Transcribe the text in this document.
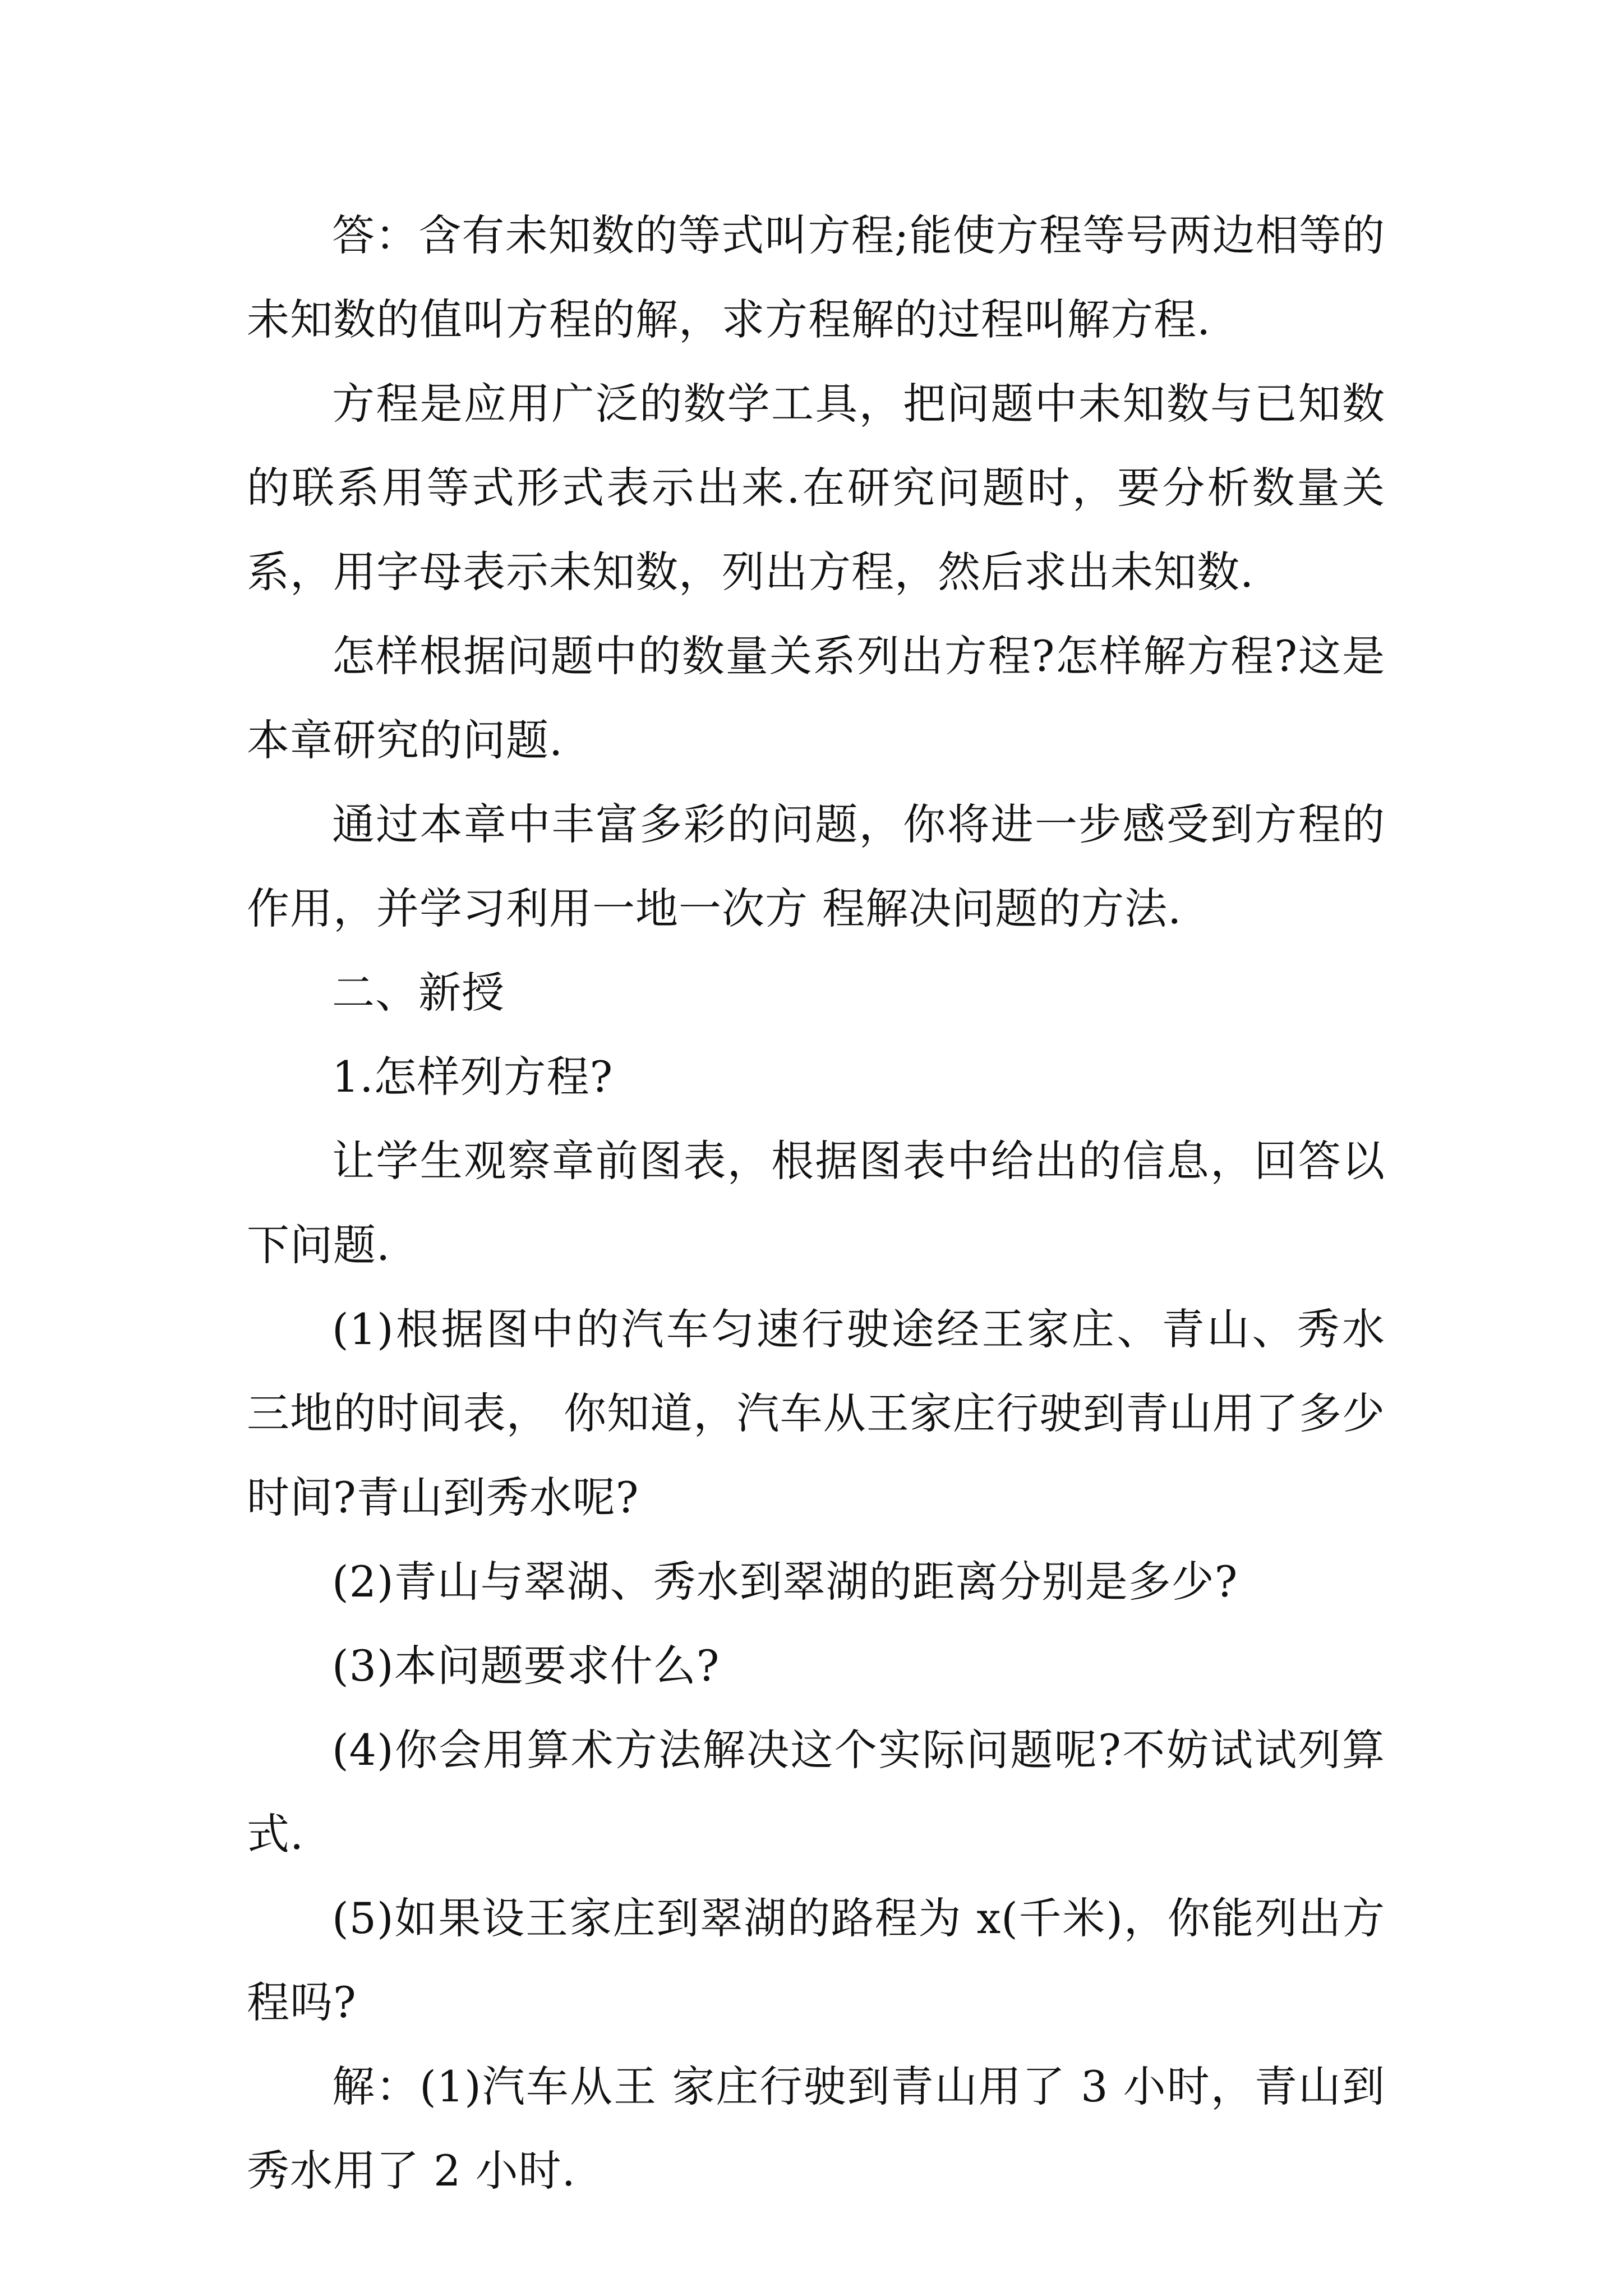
答：含有未知数的等式叫方程;能使方程等号两边相等的未知数的值叫方程的解，求方程解的过程叫解方程.

方程是应用广泛的数学工具，把问题中未知数与已知数的联系用等式形式表示出来.在研究问题时，要分析数量关系，用字母表示未知数，列出方程，然后求出未知数.

怎样根据问题中的数量关系列出方程?怎样解方程?这是本章研究的问题.

通过本章中丰富多彩的问题，你将进一步感受到方程的作用，并学习利用一地一次方 程解决问题的方法.

二、新授

1.怎样列方程?

让学生观察章前图表，根据图表中给出的信息，回答以下问题.

(1)根据图中的汽车匀速行驶途经王家庄、青山、秀水三地的时间表， 你知道，汽车从王家庄行驶到青山用了多少时间?青山到秀水呢?

(2)青山与翠湖、秀水到翠湖的距离分别是多少?

(3)本问题要求什么?

(4)你会用算术方法解决这个实际问题呢?不妨试试列算式.

(5)如果设王家庄到翠湖的路程为 x(千米)，你能列出方程吗?

解：(1)汽车从王 家庄行驶到青山用了 3 小时，青山到秀水用了 2 小时.
